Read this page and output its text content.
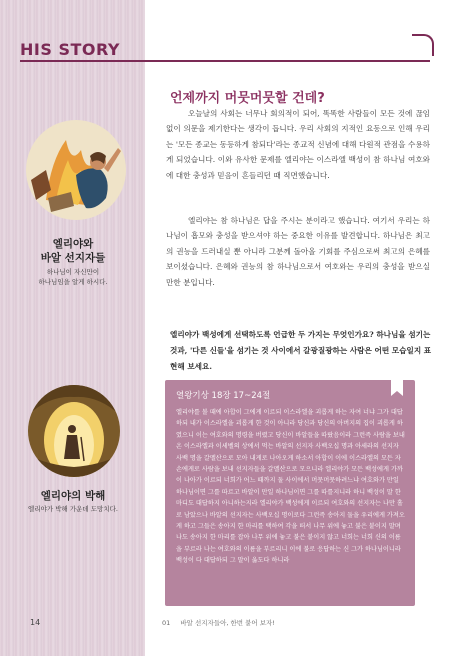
HIS STORY
엘리야와
바알 선지자들
하나님이 자신만이
하나님임을 알게 하시다.
엘리야의 박해
엘리야가 박해 가운데 도망치다.
언제까지 머뭇머뭇할 건데?

오늘날의 사회는 너무나 회의적이 되어, 똑똑한 사람들이 모든 것에 끊임없이 의문을 제기한다는 생각이 듭니다. 우리 사회의 지적인 요동으로 인해 우리는 '모든 종교는 동등하게 참되다'라는 종교적 신념에 대해 다원적 관점을 수용하게 되었습니다. 이와 유사한 문제를 엘리야는 이스라엘 백성이 참 하나님 여호와에 대한 충성과 믿음이 흔들리던 때 직면했습니다.

엘리야는 참 하나님은 답을 주시는 분이라고 했습니다. 여기서 우리는 하나님이 흡모와 충성을 받으셔야 하는 중요한 이유를 발견합니다. 하나님은 최고의 권능을 드러내실 뿐 아니라 그분께 돌아올 기회를 주심으로써 최고의 은혜를 보이셨습니다. 은혜와 권능의 참 하나님으로서 여호와는 우리의 충성을 받으실 만한 분입니다.

엘리야가 백성에게 선택하도록 언급한 두 가지는 무엇인가요? 하나님을 섬기는 것과, '다른 신들'을 섬기는 것 사이에서 갈광질광하는 사람은 어떤 모습일지 표현해 보세요.
열왕기상 18장 17~24절

엘리야를 볼 때에 아합이 그에게 이르되 이스라엘을 괴롭게 하는 자여 너냐 그가 대답하되 내가 이스라엘을 괴롭게 한 것이 아니라 당신과 당신의 아버지의 집이 괴롭게 하였으니 이는 여호와의 명령을 버렸고 당신이 바알들을 따랐음이라 그런즉 사람을 보내 온 이스라엘과 이세벨의 상에서 먹는 바알의 선지자 사백오십 명과 아세라의 선지자 사백 명을 갈멜산으로 모아 내게로 나아오게 하소서 아합이 이에 이스라엘의 모든 자손에게로 사람을 보내 선지자들을 갈멜산으로 모으니라 엘리야가 모든 백성에게 가까이 나아가 이르되 너희가 어느 때까지 둘 사이에서 머뭇머뭇하려느냐 여호와가 만일 하나님이면 그를 따르고 바알이 만일 하나님이면 그를 따를지니라 하니 백성이 말 한마디도 대답하지 아니하는지라 엘리야가 백성에게 이르되 여호와의 선지자는 나만 홀로 남았으나 바알의 선지자는 사백오십 명이로다 그런즉 송아지 둘을 우리에게 가져오게 하고 그들은 송아지 한 마리를 택하여 각을 떠서 나무 위에 놓고 불은 붙이지 말며 나도 송아지 한 마리를 잡아 나무 위에 놓고 불은 붙이지 않고 너희는 너희 신의 이름을 부르라 나는 여호와의 이름을 부르리니 이에 불로 응답하는 신 그가 하나님이니라 백성이 다 대답하되 그 말이 옳도다 하니라

14	01 바알 선지자들아, 한번 붙어 보자!
